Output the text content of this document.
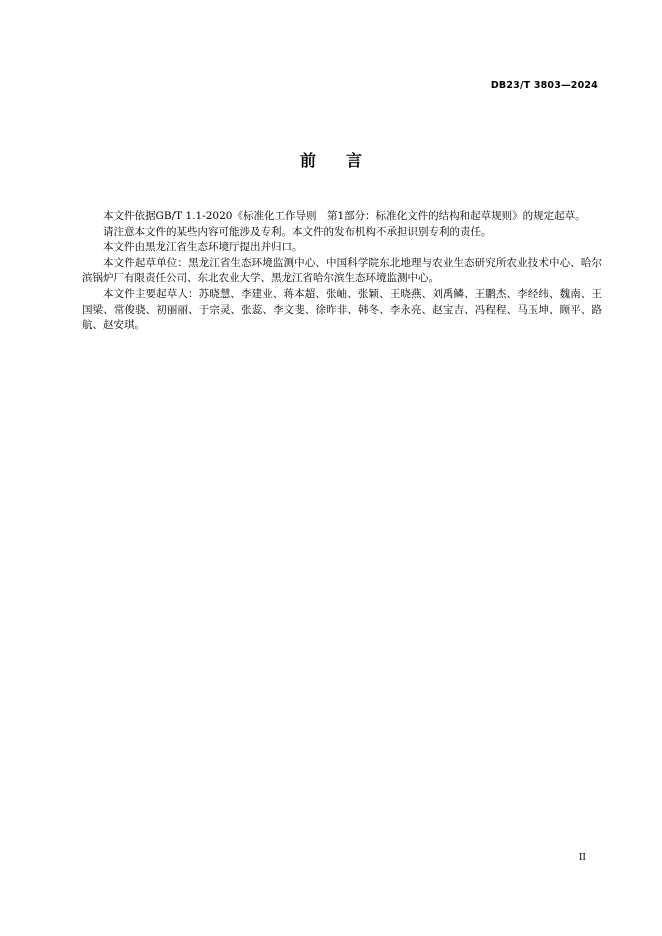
DB23/T 3803—2024
前 言

本文件依据GB/T 1.1-2020《标准化工作导则　第1部分：标准化文件的结构和起草规则》的规定起草。

请注意本文件的某些内容可能涉及专利。本文件的发布机构不承担识别专利的责任。

本文件由黑龙江省生态环境厅提出并归口。

本文件起草单位：黑龙江省生态环境监测中心、中国科学院东北地理与农业生态研究所农业技术中心、哈尔滨锅炉厂有限责任公司、东北农业大学、黑龙江省哈尔滨生态环境监测中心。

本文件主要起草人：苏晓慧、李建业、蒋本超、张岫、张颖、王晓燕、刘禹鳞、王鹏杰、李经纬、魏南、王国梁、常俊骁、初丽丽、于宗灵、张蕊、李文斐、徐昨非、韩冬、李永亮、赵宝吉、冯程程、马玉坤、顾平、路航、赵安琪。

II
